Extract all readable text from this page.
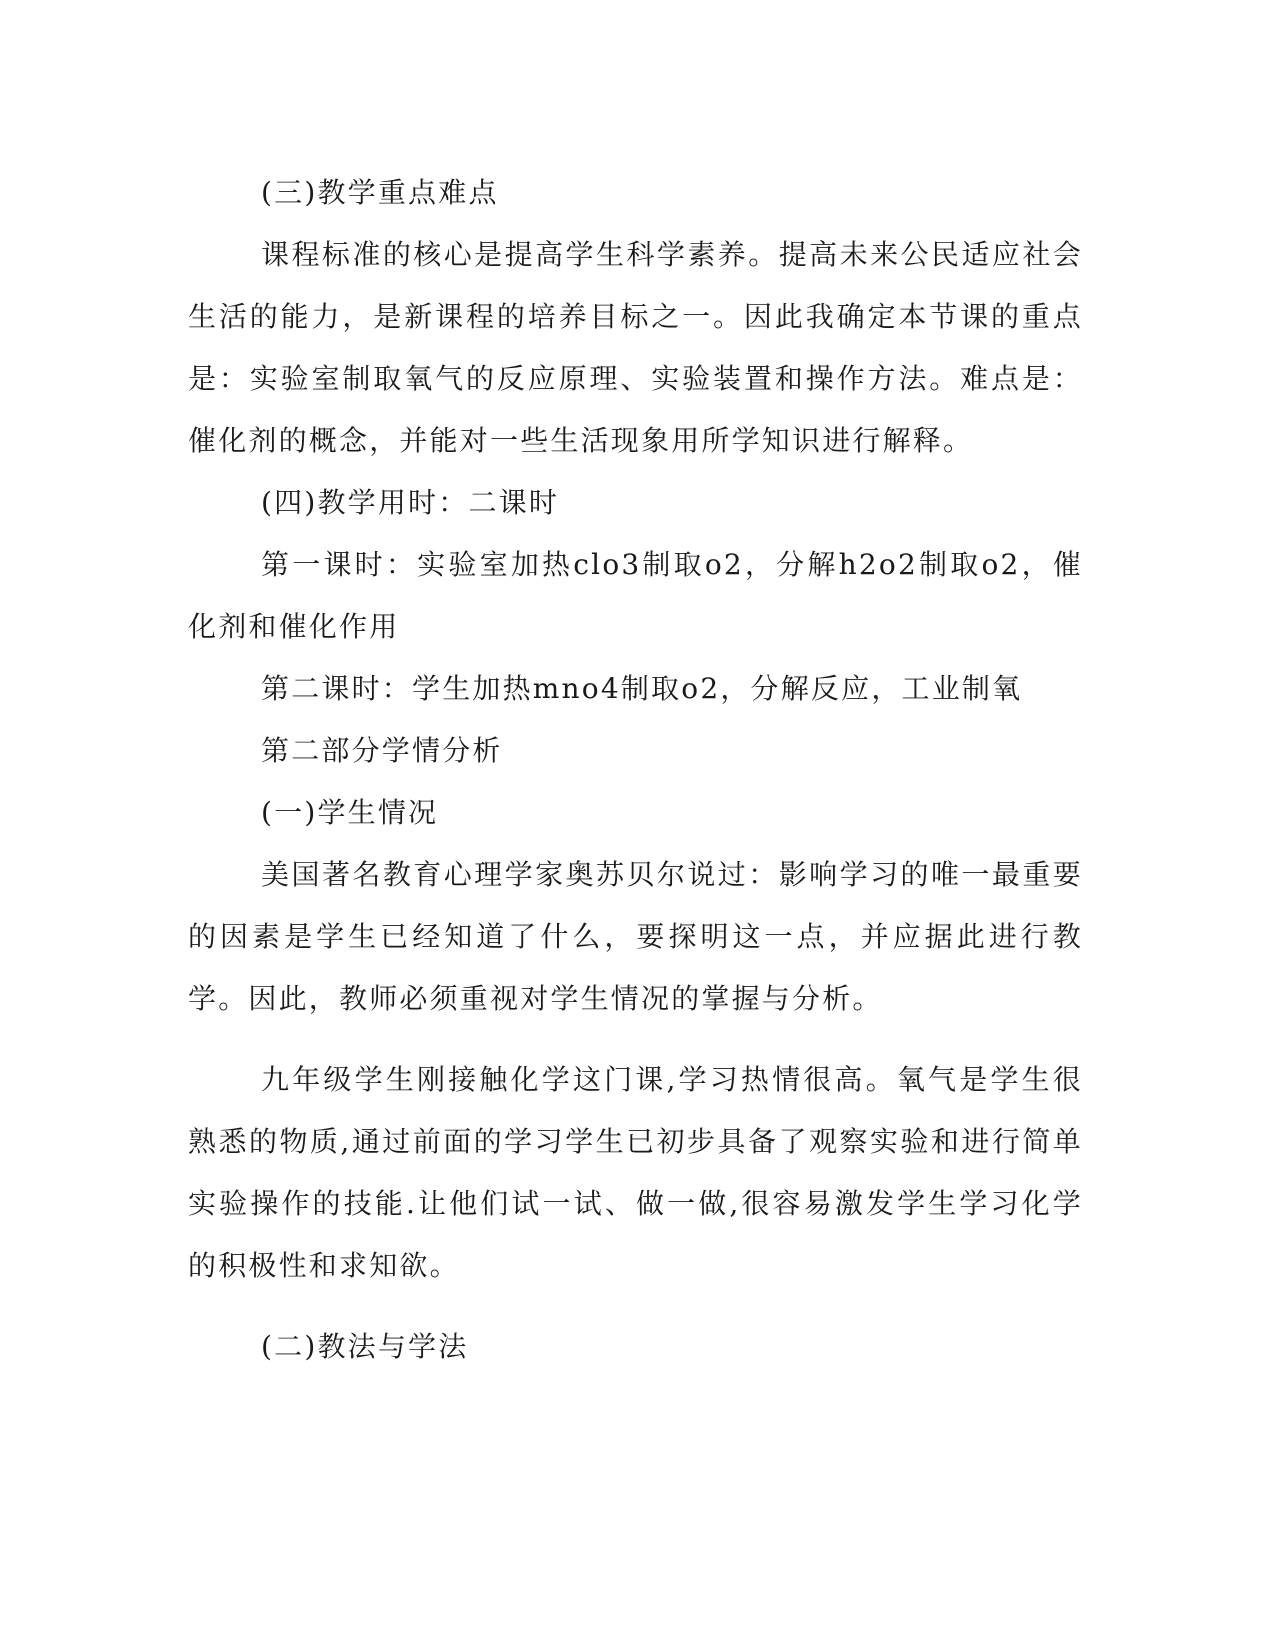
(三)教学重点难点

课程标准的核心是提高学生科学素养。提高未来公民适应社会生活的能力，是新课程的培养目标之一。因此我确定本节课的重点是：实验室制取氧气的反应原理、实验装置和操作方法。难点是：催化剂的概念，并能对一些生活现象用所学知识进行解释。

(四)教学用时：二课时

第一课时：实验室加热clo3制取o2，分解h2o2制取o2，催化剂和催化作用

第二课时：学生加热mno4制取o2，分解反应，工业制氧

第二部分学情分析

(一)学生情况

美国著名教育心理学家奥苏贝尔说过：影响学习的唯一最重要的因素是学生已经知道了什么，要探明这一点，并应据此进行教学。因此，教师必须重视对学生情况的掌握与分析。

九年级学生刚接触化学这门课,学习热情很高。氧气是学生很熟悉的物质,通过前面的学习学生已初步具备了观察实验和进行简单实验操作的技能.让他们试一试、做一做,很容易激发学生学习化学的积极性和求知欲。

(二)教法与学法
